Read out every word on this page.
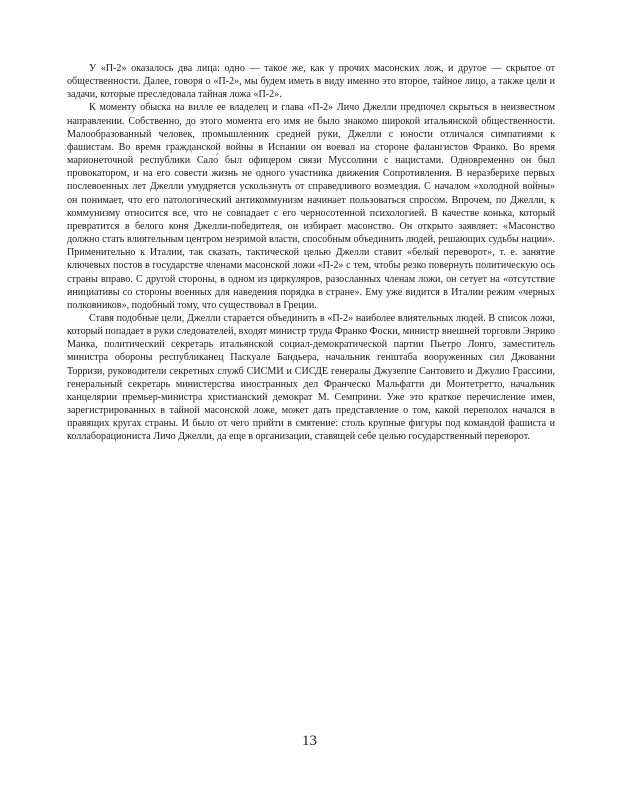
У «П-2» оказалось два лица: одно — такое же, как у прочих масонских лож, и другое — скрытое от общественности. Далее, говоря о «П-2», мы будем иметь в виду именно это второе, тайное лицо, а также цели и задачи, которые преследовала тайная ложа «П-2».

К моменту обыска на вилле ее владелец и глава «П-2» Личо Джелли предпочел скрыться в неизвестном направлении. Собственно, до этого момента его имя не было знакомо широкой итальянской общественности. Малообразованный человек, промышленник средней руки, Джелли с юности отличался симпатиями к фашистам. Во время гражданской войны в Испании он воевал на стороне фалангистов Франко. Во время марионеточной республики Сало́ был офицером связи Муссолини с нацистами. Одновременно он был провокатором, и на его совести жизнь не одного участника движения Сопротивления. В неразберихе первых послевоенных лет Джелли умудряется ускользнуть от справедливого возмездия. С началом «холодной войны» он понимает, что его патологический антикоммунизм начинает пользоваться спросом. Впрочем, по Джелли, к коммунизму относится все, что не совпадает с его черносотенной психологией. В качестве конька, который превратится в белого коня Джелли-победителя, он избирает масонство. Он открыто заявляет: «Масонство должно стать влиятельным центром незримой власти, способным объединить людей, решающих судьбы нации». Применительно к Италии, так сказать, тактической целью Джелли ставит «белый переворот», т. е. занятие ключевых постов в государстве членами масонской ложи «П-2» с тем, чтобы резко повернуть политическую ось страны вправо. С другой стороны, в одном из циркуляров, разосланных членам ложи, он сетует на «отсутствие инициативы со стороны военных для наведения порядка в стране». Ему уже видится в Италии режим «черных полковников», подобный тому, что существовал в Греции.

Ставя подобные цели, Джелли старается объединить в «П-2» наиболее влиятельных людей. В список ложи, который попадает в руки следователей, входят министр труда Франко Фоски, министр внешней торговли Энрико Манка, политический секретарь итальянской социал-демократической партии Пьетро Лонго, заместитель министра обороны республиканец Паскуале Бандьера, начальник генштаба вооруженных сил Джованни Торризи, руководители секретных служб СИСМИ и СИСДЕ генералы Джузеппе Сантовито и Джулио Грассини, генеральный секретарь министерства иностранных дел Франческо Мальфатти ди Монтетретто, начальник канцелярии премьер-министра христианский демократ М. Семприни. Уже это краткое перечисление имен, зарегистрированных в тайной масонской ложе, может дать представление о том, какой переполох начался в правящих кругах страны. И было от чего прийти в смятение: столь крупные фигуры под командой фашиста и коллаборациониста Личо Джелли, да еще в организации, ставящей себе целью государственный переворот.

13
